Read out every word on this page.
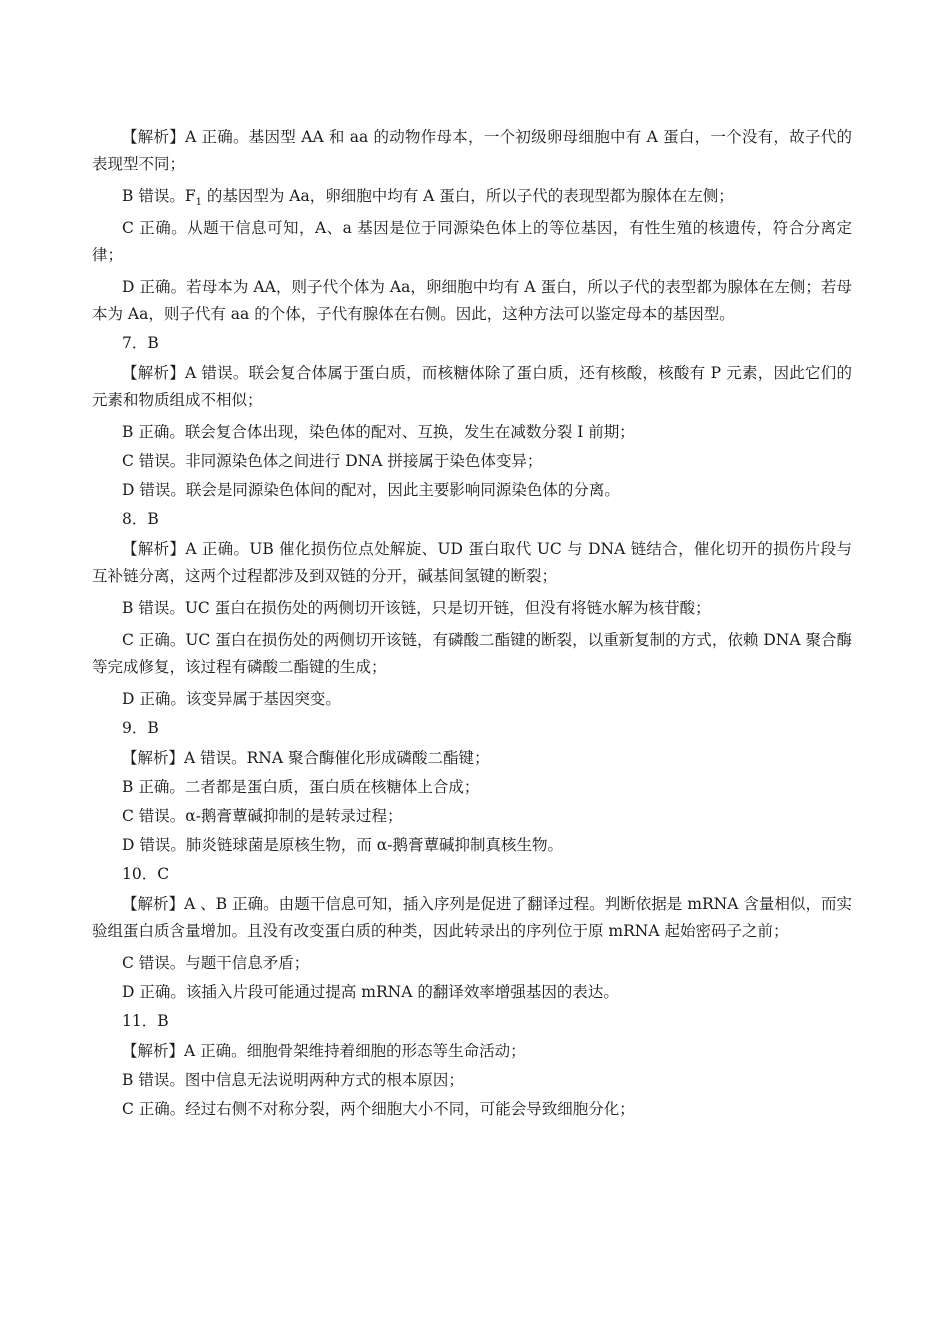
【解析】A 正确。基因型 AA 和 aa 的动物作母本，一个初级卵母细胞中有 A 蛋白，一个没有，故子代的表现型不同；

B 错误。$F_1$ 的基因型为 Aa，卵细胞中均有 A 蛋白，所以子代的表现型都为腺体在左侧；

C 正确。从题干信息可知，A、a 基因是位于同源染色体上的等位基因，有性生殖的核遗传，符合分离定律；

D 正确。若母本为 AA，则子代个体为 Aa，卵细胞中均有 A 蛋白，所以子代的表型都为腺体在左侧；若母本为 Aa，则子代有 aa 的个体，子代有腺体在右侧。因此，这种方法可以鉴定母本的基因型。

7．B

【解析】A 错误。联会复合体属于蛋白质，而核糖体除了蛋白质，还有核酸，核酸有 P 元素，因此它们的元素和物质组成不相似；

B 正确。联会复合体出现，染色体的配对、互换，发生在减数分裂 I 前期；

C 错误。非同源染色体之间进行 DNA 拼接属于染色体变异；

D 错误。联会是同源染色体间的配对，因此主要影响同源染色体的分离。

8．B

【解析】A 正确。UB 催化损伤位点处解旋、UD 蛋白取代 UC 与 DNA 链结合，催化切开的损伤片段与互补链分离，这两个过程都涉及到双链的分开，碱基间氢键的断裂；

B 错误。UC 蛋白在损伤处的两侧切开该链，只是切开链，但没有将链水解为核苷酸；

C 正确。UC 蛋白在损伤处的两侧切开该链，有磷酸二酯键的断裂，以重新复制的方式，依赖 DNA 聚合酶等完成修复，该过程有磷酸二酯键的生成；

D 正确。该变异属于基因突变。

9．B

【解析】A 错误。RNA 聚合酶催化形成磷酸二酯键；

B 正确。二者都是蛋白质，蛋白质在核糖体上合成；

C 错误。α-鹅膏蕈碱抑制的是转录过程；

D 错误。肺炎链球菌是原核生物，而 α-鹅膏蕈碱抑制真核生物。

10．C

【解析】A 、B 正确。由题干信息可知，插入序列是促进了翻译过程。判断依据是 mRNA 含量相似，而实验组蛋白质含量增加。且没有改变蛋白质的种类，因此转录出的序列位于原 mRNA 起始密码子之前；

C 错误。与题干信息矛盾；

D 正确。该插入片段可能通过提高 mRNA 的翻译效率增强基因的表达。

11．B

【解析】A 正确。细胞骨架维持着细胞的形态等生命活动；

B 错误。图中信息无法说明两种方式的根本原因；

C 正确。经过右侧不对称分裂，两个细胞大小不同，可能会导致细胞分化；
